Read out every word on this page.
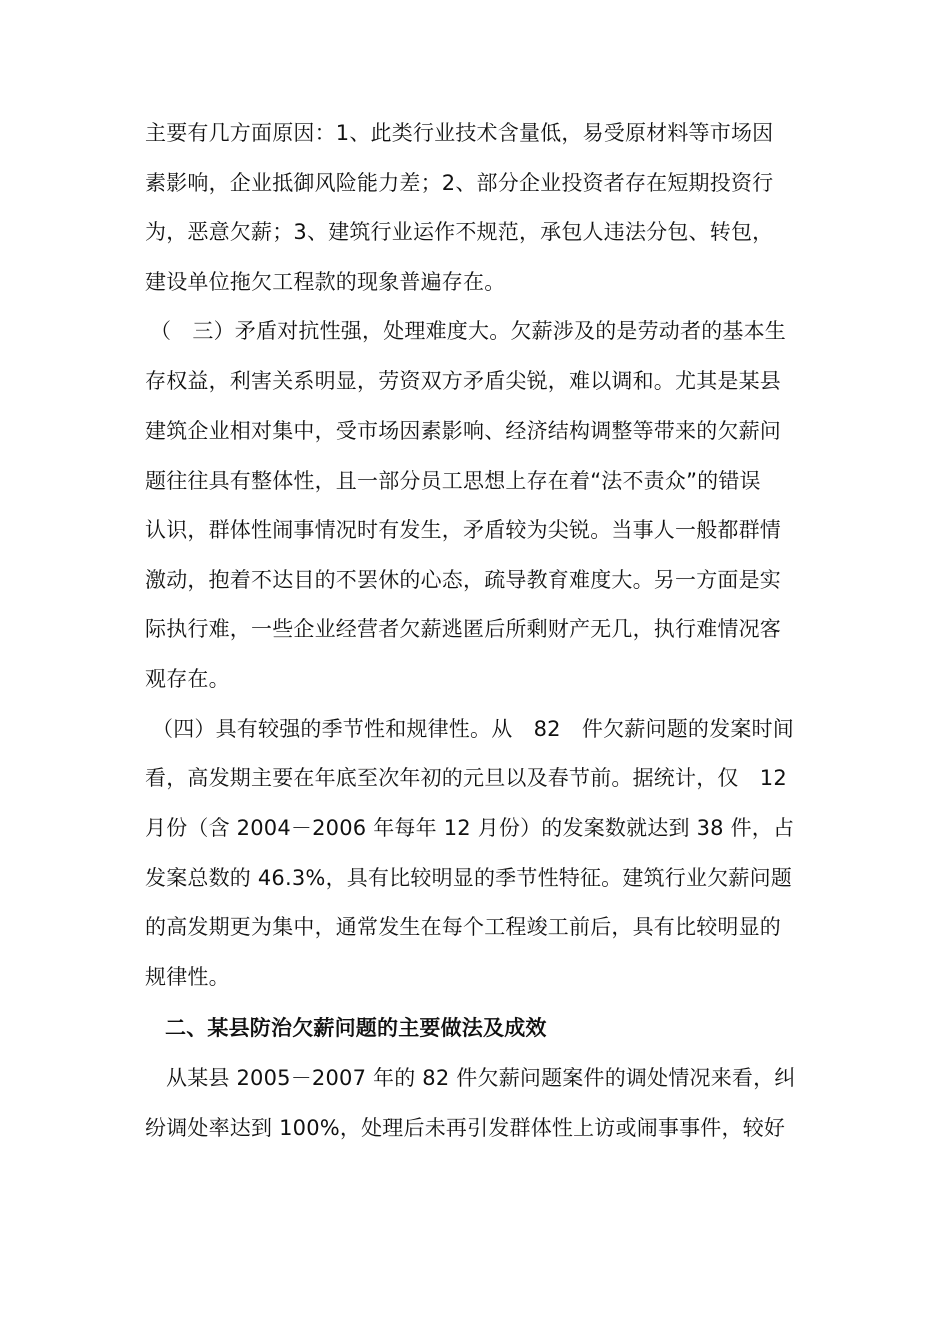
主要有几方面原因：1、此类行业技术含量低，易受原材料等市场因
素影响，企业抵御风险能力差；2、部分企业投资者存在短期投资行
为，恶意欠薪；3、建筑行业运作不规范，承包人违法分包、转包，
建设单位拖欠工程款的现象普遍存在。
（　三）矛盾对抗性强，处理难度大。欠薪涉及的是劳动者的基本生
存权益，利害关系明显，劳资双方矛盾尖锐，难以调和。尤其是某县
建筑企业相对集中，受市场因素影响、经济结构调整等带来的欠薪问
题往往具有整体性，且一部分员工思想上存在着“法不责众”的错误
认识，群体性闹事情况时有发生，矛盾较为尖锐。当事人一般都群情
激动，抱着不达目的不罢休的心态，疏导教育难度大。另一方面是实
际执行难，一些企业经营者欠薪逃匿后所剩财产无几，执行难情况客
观存在。
（四）具有较强的季节性和规律性。从　82　件欠薪问题的发案时间
看，高发期主要在年底至次年初的元旦以及春节前。据统计，仅　12
月份（含 2004－2006 年每年 12 月份）的发案数就达到 38 件，占
发案总数的 46.3%，具有比较明显的季节性特征。建筑行业欠薪问题
的高发期更为集中，通常发生在每个工程竣工前后，具有比较明显的
规律性。
二、某县防治欠薪问题的主要做法及成效
从某县 2005－2007 年的 82 件欠薪问题案件的调处情况来看，纠
纷调处率达到 100%，处理后未再引发群体性上访或闹事事件，较好
